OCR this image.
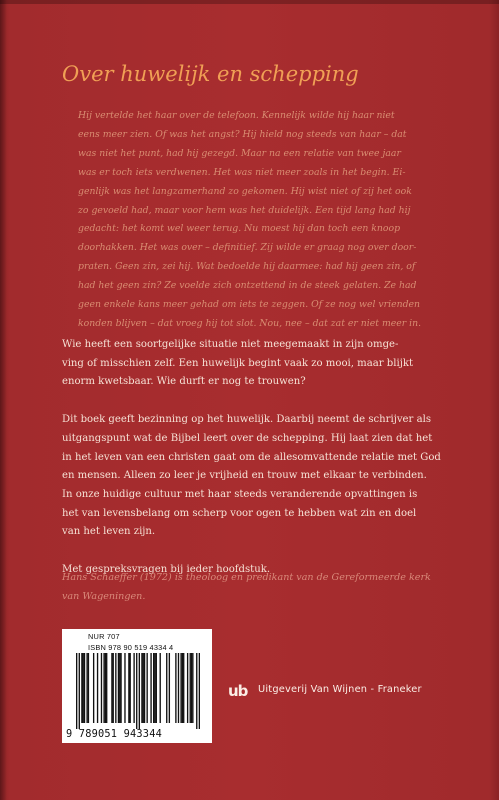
Over huwelijk en schepping
Hij vertelde het haar over de telefoon. Kennelijk wilde hij haar niet
eens meer zien. Of was het angst? Hij hield nog steeds van haar – dat
was niet het punt, had hij gezegd. Maar na een relatie van twee jaar
was er toch iets verdwenen. Het was niet meer zoals in het begin. Ei-
genlijk was het langzamerhand zo gekomen. Hij wist niet of zij het ook
zo gevoeld had, maar voor hem was het duidelijk. Een tijd lang had hij
gedacht: het komt wel weer terug. Nu moest hij dan toch een knoop
doorhakken. Het was over – definitief. Zij wilde er graag nog over door-
praten. Geen zin, zei hij. Wat bedoelde hij daarmee: had hij geen zin, of
had het geen zin? Ze voelde zich ontzettend in de steek gelaten. Ze had
geen enkele kans meer gehad om iets te zeggen. Of ze nog wel vrienden
konden blijven – dat vroeg hij tot slot. Nou, nee – dat zat er niet meer in.
Wie heeft een soortgelijke situatie niet meegemaakt in zijn omge-
ving of misschien zelf. Een huwelijk begint vaak zo mooi, maar blijkt
enorm kwetsbaar. Wie durft er nog te trouwen?
Dit boek geeft bezinning op het huwelijk. Daarbij neemt de schrijver als
uitgangspunt wat de Bijbel leert over de schepping. Hij laat zien dat het
in het leven van een christen gaat om de allesomvattende relatie met God
en mensen. Alleen zo leer je vrijheid en trouw met elkaar te verbinden.
In onze huidige cultuur met haar steeds veranderende opvattingen is
het van levensbelang om scherp voor ogen te hebben wat zin en doel
van het leven zijn.
Met gespreksvragen bij ieder hoofdstuk.
Hans Schaeffer (1972) is theoloog en predikant van de Gereformeerde kerk
van Wageningen.
NUR 707
ISBN 978 90 519 4334 4
9 789051 943344
ub	Uitgeverij Van Wijnen - Franeker
